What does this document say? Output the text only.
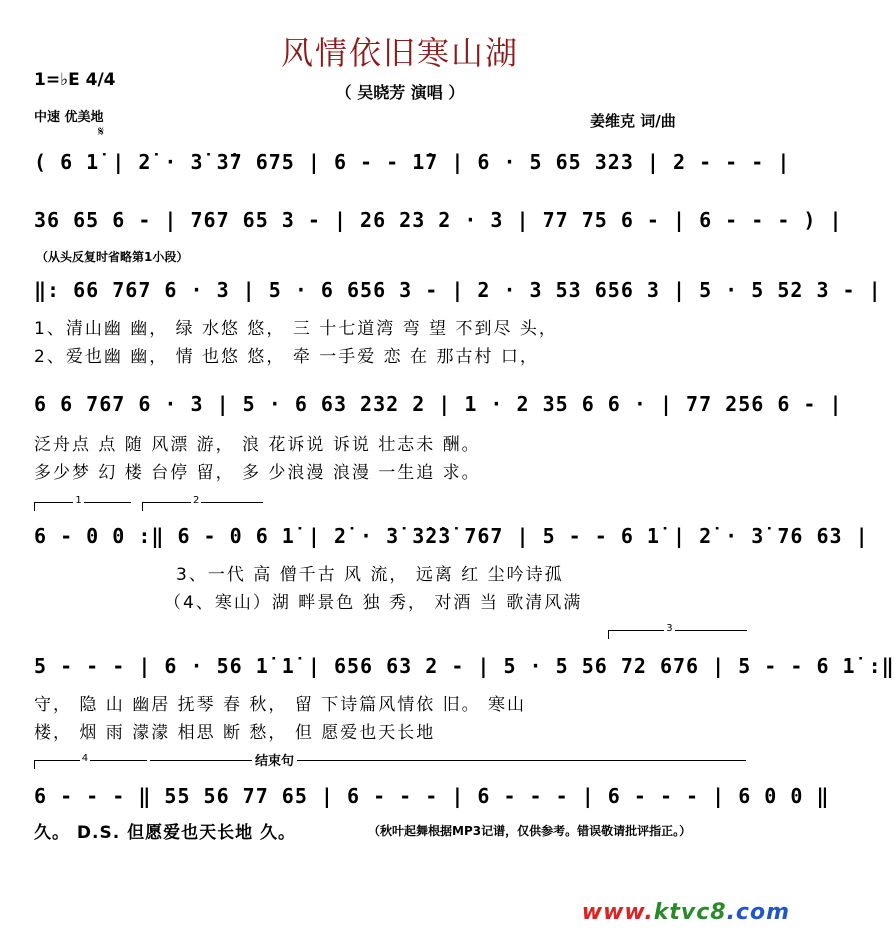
风情依旧寒山湖
1=♭E 4/4
（ 吴晓芳 演唱 ）
中速 优美地
𝄋
姜维克 词/曲
( 6 1̇ | 2̇ · 3̇ 3̇7 675 | 6 - - 1̇7 | 6 · 5 65 323 | 2 - - - |
36 65 6 - | 767 65 3 - | 26 23 2 · 3 | 77 75 6 - | 6 - - - ) |
（从头反复时省略第1小段）
‖: 66 767 6 · 3 | 5 · 6 656 3 - | 2 · 3 53 656 3 | 5 · 5 52 3 - |
1、清山幽 幽， 绿 水悠 悠， 三 十七道湾 弯 望 不到尽 头，
2、爱也幽 幽， 情 也悠 悠， 牵 一手爱 恋 在 那古村 口，
6 6 767 6 · 3 | 5 · 6 63 232 2 | 1 · 2 35 6 6 · | 77 256 6 - |
泛舟点 点 随 风漂 游， 浪 花诉说 诉说 壮志未 酬。
多少梦 幻 楼 台停 留， 多 少浪漫 浪漫 一生追 求。
1	2
6 - 0 0 :‖ 6 - 0 6 1̇ | 2̇ · 3̇ 3̇2̇3̇ 767 | 5 - - 6 1̇ | 2̇ · 3̇ 76 63 |
3、一代 高 僧千古 风 流， 远离 红 尘吟诗孤
（4、寒山）湖 畔景色 独 秀， 对酒 当 歌清风满
3
5 - - - | 6 · 56 1̇ 1̇ | 656 63 2 - | 5 · 5 56 72 676 | 5 - - 6 1̇ :‖
守， 隐 山 幽居 抚琴 春 秋， 留 下诗篇风情依 旧。 寒山
楼， 烟 雨 濛濛 相思 断 愁， 但 愿爱也天长地
4	结束句
6 - - - ‖ 55 56 77 65 | 6 - - - | 6 - - - | 6 - - - | 6 0 0 ‖
久。 D.S. 但愿爱也天长地 久。	（秋叶起舞根据MP3记谱，仅供参考。错误敬请批评指正。）
www.ktvc8.com
